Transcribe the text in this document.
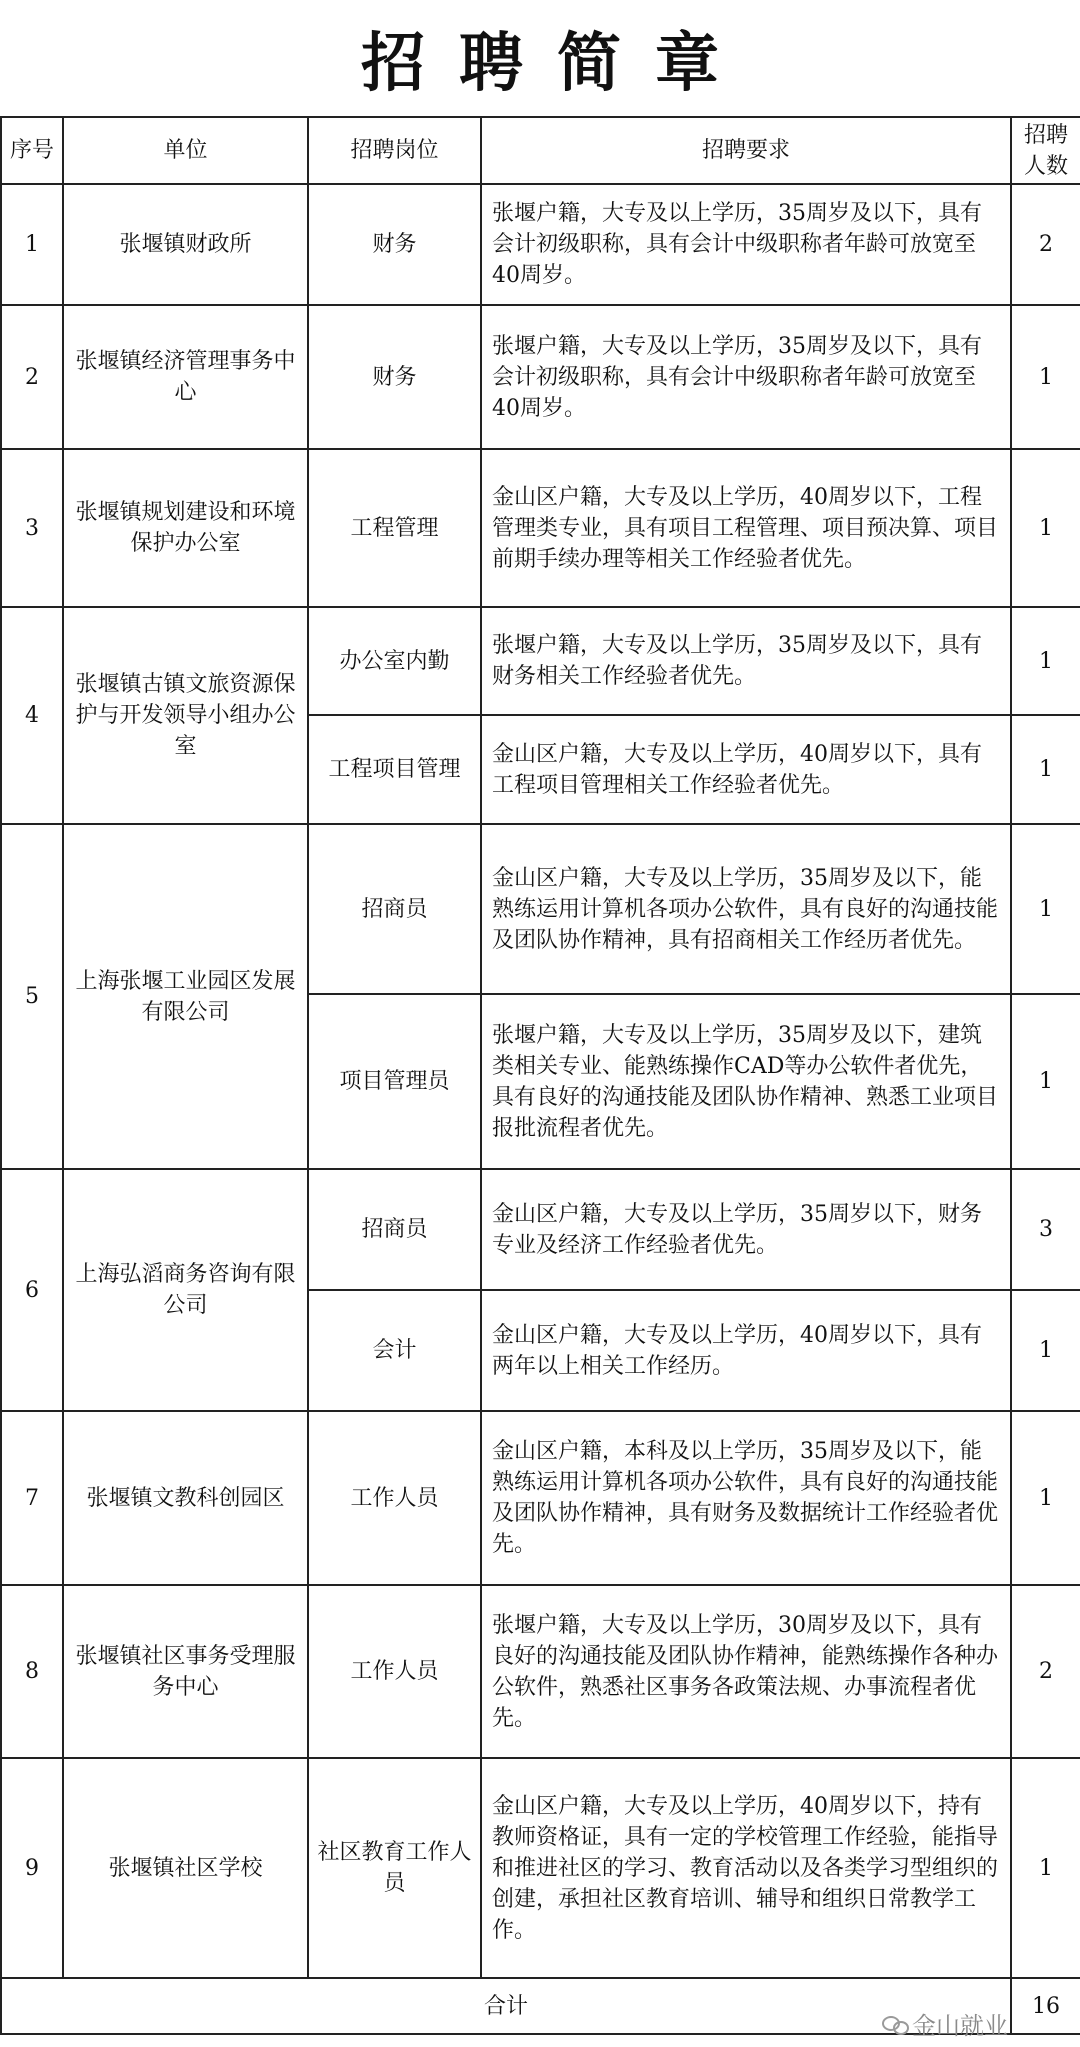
招聘简章
序号	单位	招聘岗位	招聘要求	招聘人数
1	张堰镇财政所	财务	张堰户籍，大专及以上学历，35周岁及以下，具有会计初级职称，具有会计中级职称者年龄可放宽至40周岁。	2
2	张堰镇经济管理事务中心	财务	张堰户籍，大专及以上学历，35周岁及以下，具有会计初级职称，具有会计中级职称者年龄可放宽至40周岁。	1
3	张堰镇规划建设和环境保护办公室	工程管理	金山区户籍，大专及以上学历，40周岁以下，工程管理类专业，具有项目工程管理、项目预决算、项目前期手续办理等相关工作经验者优先。	1
4	张堰镇古镇文旅资源保护与开发领导小组办公室	办公室内勤	张堰户籍，大专及以上学历，35周岁及以下，具有财务相关工作经验者优先。	1
		工程项目管理	金山区户籍，大专及以上学历，40周岁以下，具有工程项目管理相关工作经验者优先。	1
5	上海张堰工业园区发展有限公司	招商员	金山区户籍，大专及以上学历，35周岁及以下，能熟练运用计算机各项办公软件，具有良好的沟通技能及团队协作精神，具有招商相关工作经历者优先。	1
		项目管理员	张堰户籍，大专及以上学历，35周岁及以下，建筑类相关专业、能熟练操作CAD等办公软件者优先，具有良好的沟通技能及团队协作精神、熟悉工业项目报批流程者优先。	1
6	上海弘滔商务咨询有限公司	招商员	金山区户籍，大专及以上学历，35周岁以下，财务专业及经济工作经验者优先。	3
		会计	金山区户籍，大专及以上学历，40周岁以下，具有两年以上相关工作经历。	1
7	张堰镇文教科创园区	工作人员	金山区户籍，本科及以上学历，35周岁及以下，能熟练运用计算机各项办公软件，具有良好的沟通技能及团队协作精神，具有财务及数据统计工作经验者优先。	1
8	张堰镇社区事务受理服务中心	工作人员	张堰户籍，大专及以上学历，30周岁及以下，具有良好的沟通技能及团队协作精神，能熟练操作各种办公软件，熟悉社区事务各政策法规、办事流程者优先。	2
9	张堰镇社区学校	社区教育工作人员	金山区户籍，大专及以上学历，40周岁以下，持有教师资格证，具有一定的学校管理工作经验，能指导和推进社区的学习、教育活动以及各类学习型组织的创建，承担社区教育培训、辅导和组织日常教学工作。	1
合计				16
金山就业
